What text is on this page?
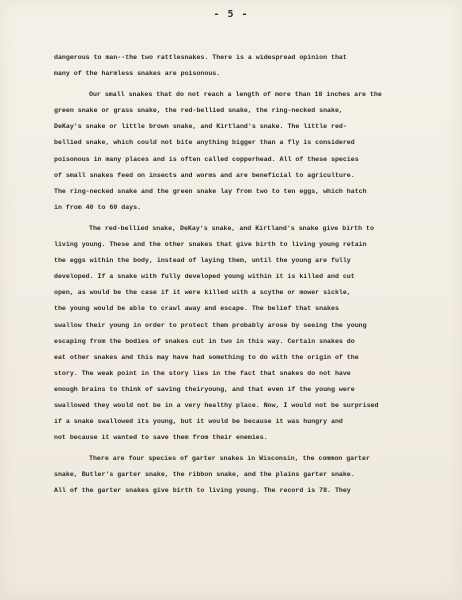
- 5 -
dangerous to man--the two rattlesnakes. There is a widespread opinion that
many of the harmless snakes are poisonous.
Our small snakes that do not reach a length of more than 18 inches are the
green snake or grass snake, the red-bellied snake, the ring-necked snake,
DeKay's snake or little brown snake, and Kirtland's snake. The little red-
bellied snake, which could not bite anything bigger than a fly is considered
poisonous in many places and is often called copperhead. All of these species
of small snakes feed on insects and worms and are beneficial to agriculture.
The ring-necked snake and the green snake lay from two to ten eggs, which hatch
in from 40 to 60 days.
The red-bellied snake, DeKay's snake, and Kirtland's snake give birth to
living young. These and the other snakes that give birth to living young retain
the eggs within the body, instead of laying them, until the young are fully
developed. If a snake with fully developed young within it is killed and cut
open, as would be the case if it were killed with a scythe or mower sickle,
the young would be able to crawl away and escape. The belief that snakes
swallow their young in order to protect them probably arose by seeing the young
escaping from the bodies of snakes cut in two in this way. Certain snakes do
eat other snakes and this may have had something to do with the origin of the
story. The weak point in the story lies in the fact that snakes do not have
enough brains to think of saving theiryoung, and that even if the young were
swallowed they would not be in a very healthy place. Now, I would not be surprised
if a snake swallowed its young, but it would be because it was hungry and
not because it wanted to save them from their enemies.
There are four species of garter snakes in Wisconsin, the common garter
snake, Butler's garter snake, the ribbon snake, and the plains garter snake.
All of the garter snakes give birth to living young. The record is 78. They
